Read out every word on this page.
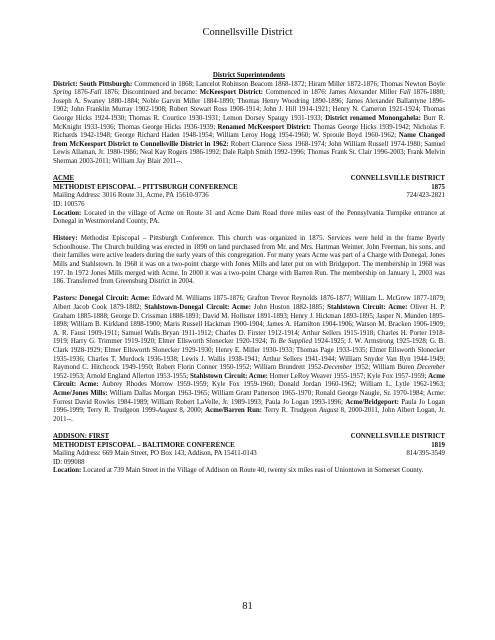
Connellsville District

District Superintendents

District: South Pittsburgh: Commenced in 1868; Lancelot Robinson Beacom 1868-1872; Hiram Miller 1872-1876; Thomas Newton Boyle Spring 1876-Fall 1876; Discontinued and became: McKeesport District: Commenced in 1876: James Alexander Miller Fall 1876-1880; Joseph A. Swaney 1880-1884; Noble Garvin Miller 1884-1890; Thomas Henry Woodring 1890-1896; James Alexander Ballantyne 1896-1902; John Franklin Murray 1902-1908; Robert Stewart Ross 1908-1914; John J. Hill 1914-1921; Henry N. Cameron 1921-1924; Thomas George Hicks 1924-1930; Thomas R. Courtice 1930-1931; Lemon Dorsey Spaugy 1931-1933; District renamed Monongahela: Burr R. McKnight 1933-1936; Thomas George Hicks 1936-1939; Renamed McKeesport District: Thomas George Hicks 1939-1942; Nicholas F. Richards 1942-1948; George Richard Haden 1948-1954; William Leroy Hogg 1954-1960; W. Sproule Boyd 1960-1962; Name Changed from McKeesport District to Connellsville District in 1962: Robert Clarence Siess 1968-1974; John William Russell 1974-1980; Samuel Lewis Allaman, Jr. 1980-1986; Neal Kay Rogers 1986-1992; Dale Ralph Smith 1992-1996; Thomas Frank St. Clair 1996-2003; Frank Melvin Sherman 2003-2011; William Jay Blair 2011--.

ACME	CONNELLSVILLE DISTRICT
METHODIST EPISCOPAL – PITTSBURGH CONFERENCE	1875
Mailing Address: 3016 Route 31, Acme, PA 15610-9736	724/423-2821

ID: 100576

Location: Located in the village of Acme on Route 31 and Acme Dam Road three miles east of the Pennsylvania Turnpike entrance at Donegal in Westmoreland County, PA.

History: Methodist Episcopal – Pittsburgh Conference. This church was organized in 1875. Services were held in the frame Byerly Schoolhouse. The Church building was erected in 1890 on land purchased from Mr. and Mrs. Hartman Weimer. John Freeman, his sons, and their families were active leaders during the early years of this congregation. For many years Acme was part of a Charge with Donegal, Jones Mills and Stahlstown. In 1968 it was on a two-point charge with Jones Mills and later put on with Bridgeport. The membership in 1968 was 197. In 1972 Jones Mills merged with Acme. In 2000 it was a two-point Charge with Barren Run. The membership on January 1, 2003 was 186. Transferred from Greensburg District in 2004.

Pastors: Donegal Circuit: Acme: Edward M. Williams 1875-1876; Grafton Trevor Reynolds 1876-1877; William L. McGrew 1877-1879; Albert Jacob Cook 1879-1882; Stahlstown-Donegal Circuit: Acme: John Huston 1882-1885; Stahlstown Circuit: Acme: Oliver H. P. Graham 1885-1888; George D. Crissman 1888-1891; David M. Hollister 1891-1893; Henry J. Hickman 1893-1895; Jasper N. Munden 1895-1898; William B. Kirkland 1898-1900; Maris Russell Hackman 1900-1904; James A. Hamilton 1904-1906; Watson M. Bracken 1906-1909; A. R. Faust 1909-1911; Samuel Walls Bryan 1911-1912; Charles D. Firster 1912-1914; Arthur Sellers 1915-1918; Charles H. Porter 1918-1919; Harry G. Trimmer 1919-1920; Elmer Ellsworth Slonecker 1920-1924; To Be Supplied 1924-1925; J. W. Armstrong 1925-1928; G. B. Clark 1928-1929; Elmer Ellsworth Slonecker 1929-1930; Henry E. Miller 1930-1933; Thomas Page 1933-1935; Elmer Ellsworth Slonecker 1935-1936; Charles T. Murdock 1936-1938; Lewis J. Wallis 1938-1941; Arthur Sellers 1941-1944; William Snyder Van Ryn 1944-1949; Raymond C. Hitchcock 1949-1950; Robert Florin Conner 1950-1952; William Brundrett 1952-December 1952; William Buren December 1952-1953; Arnold England Allerton 1953-1955; Stahlstown Circuit: Acme: Homer LeRoy Weaver 1955-1957; Kyle Fox 1957-1959; Acme Circuit: Acme: Aubrey Rhodes Morrow 1959-1959; Kyle Fox 1959-1960; Donald Jordan 1960-1962; William L. Lytle 1962-1963; Acme/Jones Mills: William Dallas Morgan 1963-1965; William Grant Patterson 1965-1970; Ronald George Naugle, Sr. 1970-1984; Acme: Forrest David Rowles 1984-1989; William Robert LaVelle, Jr. 1989-1993; Paula Jo Logan 1993-1996; Acme/Bridgeport: Paula Jo Logan 1996-1999; Terry R. Trudgeon 1999-August 8, 2000; Acme/Barren Run: Terry R. Trudgeon August 8, 2000-2011, John Albert Logan, Jr. 2011--.

ADDISON: FIRST	CONNELLSVILLE DISTRICT
METHODIST EPISCOPAL – BALTIMORE CONFERENCE	1819
Mailing Address: 669 Main Street, PO Box 143, Addison, PA 15411-0143	814/395-3549

ID: 099088

Location: Located at 739 Main Street in the Village of Addison on Route 40, twenty six miles east of Uniontown in Somerset County.

81
